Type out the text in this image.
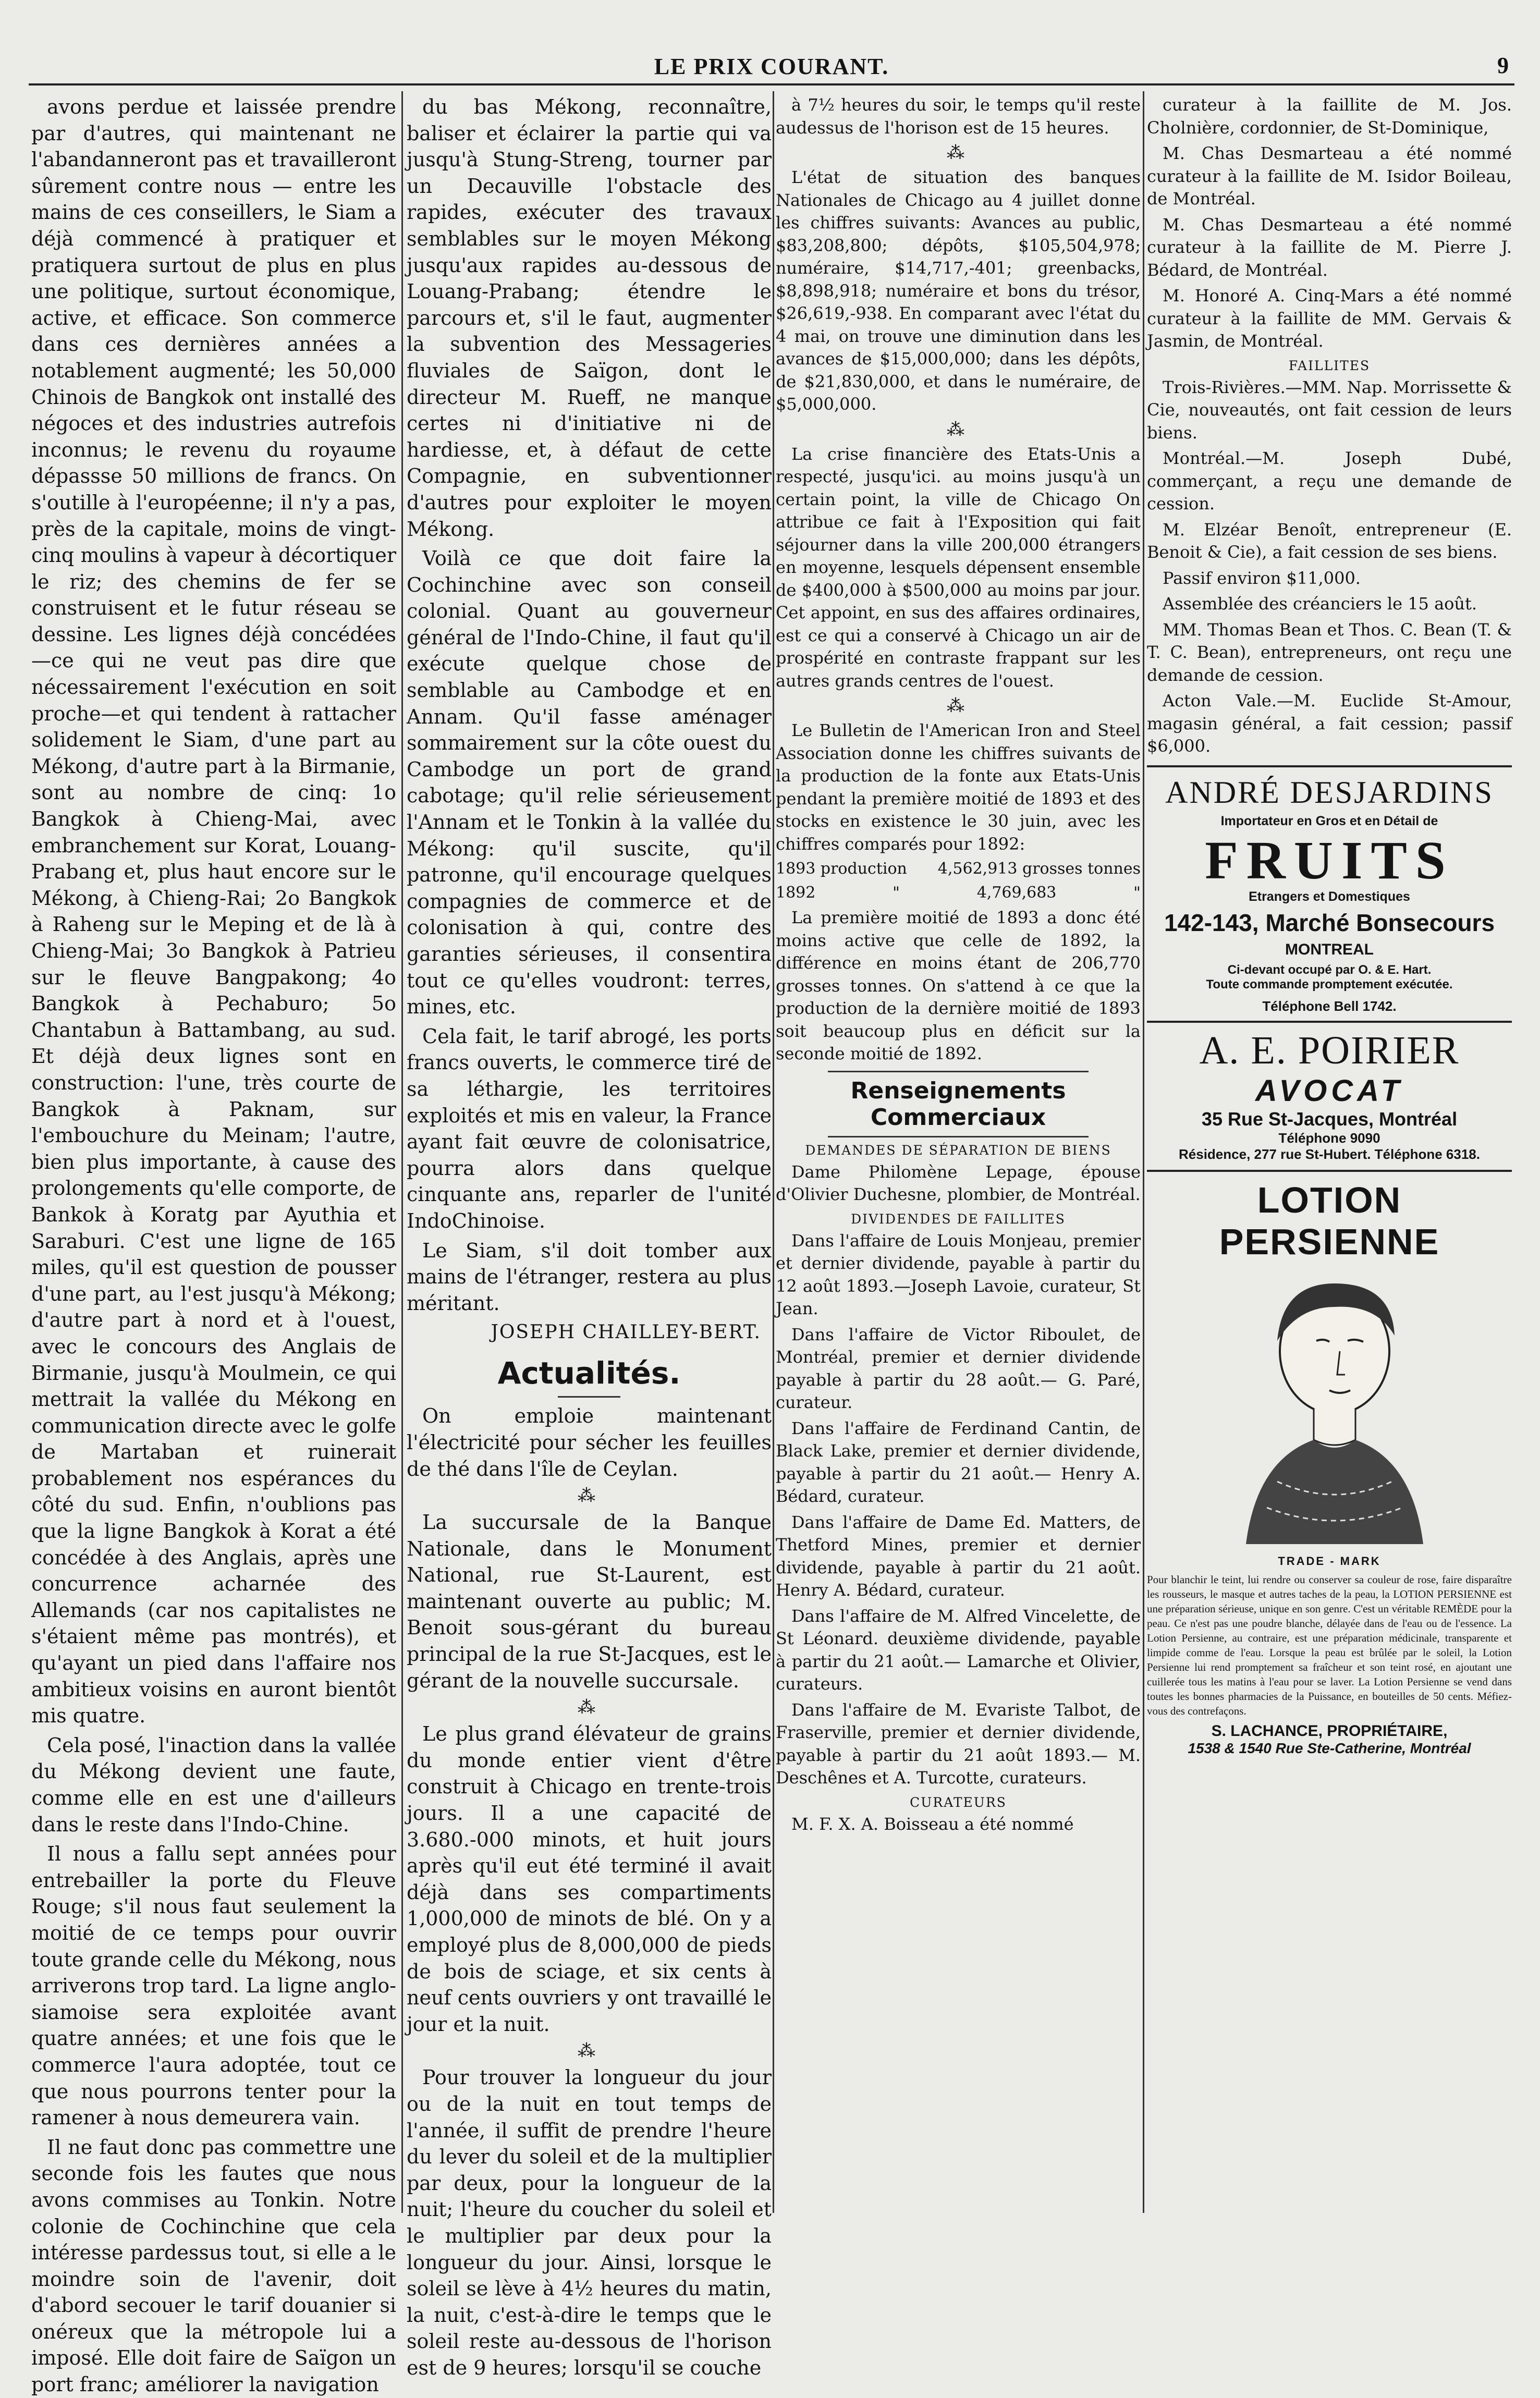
LE PRIX COURANT.	9

avons perdue et laissée prendre par d'autres, qui maintenant ne l'abandanneront pas et travailleront sûrement contre nous — entre les mains de ces conseillers, le Siam a déjà commencé à pratiquer et pratiquera surtout de plus en plus une politique, surtout économique, active, et efficace. Son commerce dans ces dernières années a notablement augmenté; les 50,000 Chinois de Bangkok ont installé des négoces et des industries autrefois inconnus; le revenu du royaume dépassse 50 millions de francs. On s'outille à l'européenne; il n'y a pas, près de la capitale, moins de vingt-cinq moulins à vapeur à décortiquer le riz; des chemins de fer se construisent et le futur réseau se dessine. Les lignes déjà concédées—ce qui ne veut pas dire que nécessairement l'exécution en soit proche—et qui tendent à rattacher solidement le Siam, d'une part au Mékong, d'autre part à la Birmanie, sont au nombre de cinq: 1o Bangkok à Chieng-Mai, avec embranchement sur Korat, Louang-Prabang et, plus haut encore sur le Mékong, à Chieng-Rai; 2o Bangkok à Raheng sur le Meping et de là à Chieng-Mai; 3o Bangkok à Patrieu sur le fleuve Bangpakong; 4o Bangkok à Pechaburo; 5o Chantabun à Battambang, au sud. Et déjà deux lignes sont en construction: l'une, très courte de Bangkok à Paknam, sur l'embouchure du Meinam; l'autre, bien plus importante, à cause des prolongements qu'elle comporte, de Bankok à Koratg par Ayuthia et Saraburi. C'est une ligne de 165 miles, qu'il est question de pousser d'une part, au l'est jusqu'à Mékong; d'autre part à nord et à l'ouest, avec le concours des Anglais de Birmanie, jusqu'à Moulmein, ce qui mettrait la vallée du Mékong en communication directe avec le golfe de Martaban et ruinerait probablement nos espérances du côté du sud. Enfin, n'oublions pas que la ligne Bangkok à Korat a été concédée à des Anglais, après une concurrence acharnée des Allemands (car nos capitalistes ne s'étaient même pas montrés), et qu'ayant un pied dans l'affaire nos ambitieux voisins en auront bientôt mis quatre.

Cela posé, l'inaction dans la vallée du Mékong devient une faute, comme elle en est une d'ailleurs dans le reste dans l'Indo-Chine.

Il nous a fallu sept années pour entrebailler la porte du Fleuve Rouge; s'il nous faut seulement la moitié de ce temps pour ouvrir toute grande celle du Mékong, nous arriverons trop tard. La ligne anglo-siamoise sera exploitée avant quatre années; et une fois que le commerce l'aura adoptée, tout ce que nous pourrons tenter pour la ramener à nous demeurera vain.

Il ne faut donc pas commettre une seconde fois les fautes que nous avons commises au Tonkin. Notre colonie de Cochinchine que cela intéresse pardessus tout, si elle a le moindre soin de l'avenir, doit d'abord secouer le tarif douanier si onéreux que la métropole lui a imposé. Elle doit faire de Saïgon un port franc; améliorer la navigation

du bas Mékong, reconnaître, baliser et éclairer la partie qui va jusqu'à Stung-Streng, tourner par un Decauville l'obstacle des rapides, exécuter des travaux semblables sur le moyen Mékong jusqu'aux rapides au-dessous de Louang-Prabang; étendre le parcours et, s'il le faut, augmenter la subvention des Messageries fluviales de Saïgon, dont le directeur M. Rueff, ne manque certes ni d'initiative ni de hardiesse, et, à défaut de cette Compagnie, en subventionner d'autres pour exploiter le moyen Mékong.

Voilà ce que doit faire la Cochinchine avec son conseil colonial. Quant au gouverneur général de l'Indo-Chine, il faut qu'il exécute quelque chose de semblable au Cambodge et en Annam. Qu'il fasse aménager sommairement sur la côte ouest du Cambodge un port de grand cabotage; qu'il relie sérieusement l'Annam et le Tonkin à la vallée du Mékong: qu'il suscite, qu'il patronne, qu'il encourage quelques compagnies de commerce et de colonisation à qui, contre des garanties sérieuses, il consentira tout ce qu'elles voudront: terres, mines, etc.

Cela fait, le tarif abrogé, les ports francs ouverts, le commerce tiré de sa léthargie, les territoires exploités et mis en valeur, la France ayant fait œuvre de colonisatrice, pourra alors dans quelque cinquante ans, reparler de l'unité IndoChinoise.

Le Siam, s'il doit tomber aux mains de l'étranger, restera au plus méritant.

JOSEPH CHAILLEY-BERT.
Actualités.

On emploie maintenant l'électricité pour sécher les feuilles de thé dans l'île de Ceylan.

⁂

La succursale de la Banque Nationale, dans le Monument National, rue St-Laurent, est maintenant ouverte au public; M. Benoit sous-gérant du bureau principal de la rue St-Jacques, est le gérant de la nouvelle succursale.

⁂

Le plus grand élévateur de grains du monde entier vient d'être construit à Chicago en trente-trois jours. Il a une capacité de 3.680.-000 minots, et huit jours après qu'il eut été terminé il avait déjà dans ses compartiments 1,000,000 de minots de blé. On y a employé plus de 8,000,000 de pieds de bois de sciage, et six cents à neuf cents ouvriers y ont travaillé le jour et la nuit.

⁂

Pour trouver la longueur du jour ou de la nuit en tout temps de l'année, il suffit de prendre l'heure du lever du soleil et de la multiplier par deux, pour la longueur de la nuit; l'heure du coucher du soleil et le multiplier par deux pour la longueur du jour. Ainsi, lorsque le soleil se lève à 4½ heures du matin, la nuit, c'est-à-dire le temps que le soleil reste au-dessous de l'horison est de 9 heures; lorsqu'il se couche

à 7½ heures du soir, le temps qu'il reste audessus de l'horison est de 15 heures.

⁂

L'état de situation des banques Nationales de Chicago au 4 juillet donne les chiffres suivants: Avances au public, $83,208,800; dépôts, $105,504,978; numéraire, $14,717,-401; greenbacks, $8,898,918; numéraire et bons du trésor, $26,619,-938. En comparant avec l'état du 4 mai, on trouve une diminution dans les avances de $15,000,000; dans les dépôts, de $21,830,000, et dans le numéraire, de $5,000,000.

⁂

La crise financière des Etats-Unis a respecté, jusqu'ici. au moins jusqu'à un certain point, la ville de Chicago On attribue ce fait à l'Exposition qui fait séjourner dans la ville 200,000 étrangers en moyenne, lesquels dépensent ensemble de $400,000 à $500,000 au moins par jour. Cet appoint, en sus des affaires ordinaires, est ce qui a conservé à Chicago un air de prospérité en contraste frappant sur les autres grands centres de l'ouest.

⁂

Le Bulletin de l'American Iron and Steel Association donne les chiffres suivants de la production de la fonte aux Etats-Unis pendant la première moitié de 1893 et des stocks en existence le 30 juin, avec les chiffres comparés pour 1892:

1893 production 4,562,913 grosses tonnes
1892	"	4,769,683	"

La première moitié de 1893 a donc été moins active que celle de 1892, la différence en moins étant de 206,770 grosses tonnes. On s'attend à ce que la production de la dernière moitié de 1893 soit beaucoup plus en déficit sur la seconde moitié de 1892.

Renseignements Commerciaux
DEMANDES DE SÉPARATION DE BIENS

Dame Philomène Lepage, épouse d'Olivier Duchesne, plombier, de Montréal.

DIVIDENDES DE FAILLITES

Dans l'affaire de Louis Monjeau, premier et dernier dividende, payable à partir du 12 août 1893.—Joseph Lavoie, curateur, St Jean.

Dans l'affaire de Victor Riboulet, de Montréal, premier et dernier dividende payable à partir du 28 août.— G. Paré, curateur.

Dans l'affaire de Ferdinand Cantin, de Black Lake, premier et dernier dividende, payable à partir du 21 août.— Henry A. Bédard, curateur.

Dans l'affaire de Dame Ed. Matters, de Thetford Mines, premier et dernier dividende, payable à partir du 21 août. Henry A. Bédard, curateur.

Dans l'affaire de M. Alfred Vincelette, de St Léonard. deuxième dividende, payable à partir du 21 août.— Lamarche et Olivier, curateurs.

Dans l'affaire de M. Evariste Talbot, de Fraserville, premier et dernier dividende, payable à partir du 21 août 1893.— M. Deschênes et A. Turcotte, curateurs.

CURATEURS

M. F. X. A. Boisseau a été nommé

curateur à la faillite de M. Jos. Cholnière, cordonnier, de St-Dominique,

M. Chas Desmarteau a été nommé curateur à la faillite de M. Isidor Boileau, de Montréal.

M. Chas Desmarteau a été nommé curateur à la faillite de M. Pierre J. Bédard, de Montréal.

M. Honoré A. Cinq-Mars a été nommé curateur à la faillite de MM. Gervais & Jasmin, de Montréal.

FAILLITES

Trois-Rivières.—MM. Nap. Morrissette & Cie, nouveautés, ont fait cession de leurs biens.

Montréal.—M. Joseph Dubé, commerçant, a reçu une demande de cession.

M. Elzéar Benoît, entrepreneur (E. Benoit & Cie), a fait cession de ses biens.

Passif environ $11,000.

Assemblée des créanciers le 15 août.

MM. Thomas Bean et Thos. C. Bean (T. & T. C. Bean), entrepreneurs, ont reçu une demande de cession.

Acton Vale.—M. Euclide St-Amour, magasin général, a fait cession; passif $6,000.

ANDRÉ DESJARDINS
Importateur en Gros et en Détail de
FRUITS
Etrangers et Domestiques
142-143, Marché Bonsecours
MONTREAL
Ci-devant occupé par O. & E. Hart.
Toute commande promptement exécutée.
Téléphone Bell 1742.
A. E. POIRIER
AVOCAT
35 Rue St-Jacques, Montréal
Téléphone 9090
Résidence, 277 rue St-Hubert. Téléphone 6318.
LOTION PERSIENNE
TRADE - MARK
Pour blanchir le teint, lui rendre ou conserver sa couleur de rose, faire disparaître les rousseurs, le masque et autres taches de la peau, la LOTION PERSIENNE est une préparation sérieuse, unique en son genre. C'est un véritable REMÈDE pour la peau. Ce n'est pas une poudre blanche, délayée dans de l'eau ou de l'essence. La Lotion Persienne, au contraire, est une préparation médicinale, transparente et limpide comme de l'eau. Lorsque la peau est brûlée par le soleil, la Lotion Persienne lui rend promptement sa fraîcheur et son teint rosé, en ajoutant une cuillerée tous les matins à l'eau pour se laver. La Lotion Persienne se vend dans toutes les bonnes pharmacies de la Puissance, en bouteilles de 50 cents. Méfiez-vous des contrefaçons.
S. LACHANCE, PROPRIÉTAIRE,
1538 & 1540 Rue Ste-Catherine, Montréal
